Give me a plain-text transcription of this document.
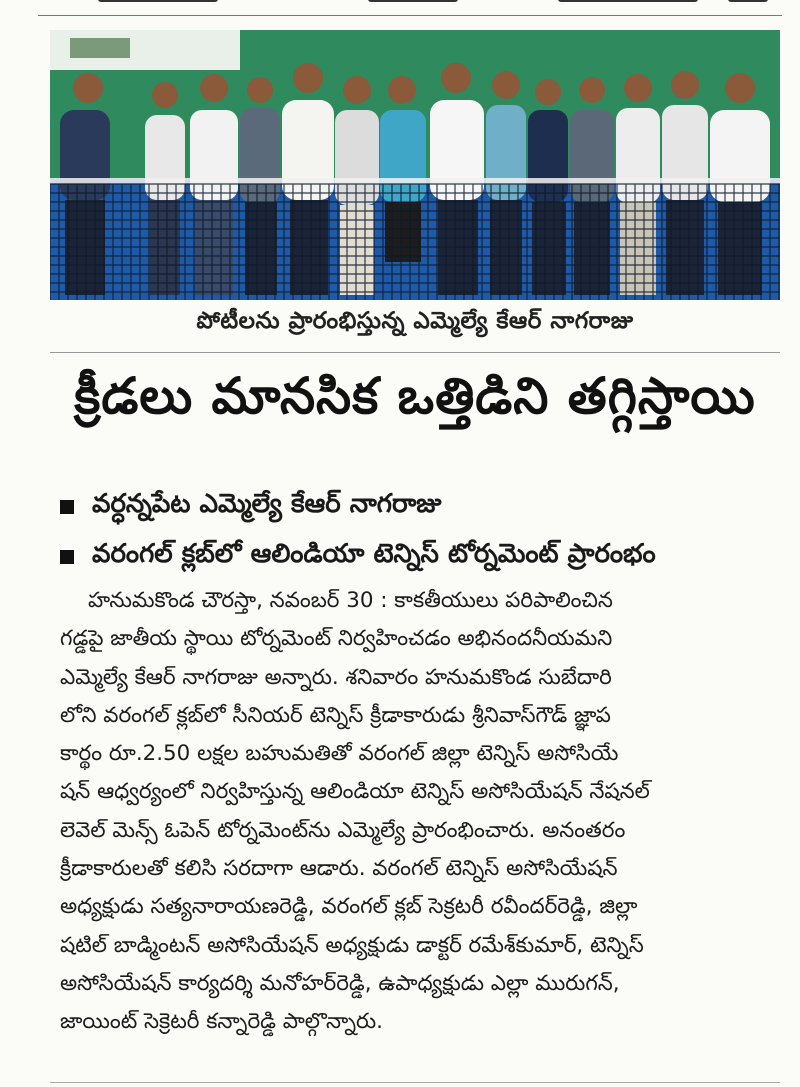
పోటీలను ప్రారంభిస్తున్న ఎమ్మెల్యే కేఆర్ నాగరాజు
క్రీడలు మానసిక ఒత్తిడిని తగ్గిస్తాయి
వర్ధన్నపేట ఎమ్మెల్యే కేఆర్ నాగరాజు
వరంగల్ క్లబ్‌లో ఆలిండియా టెన్నిస్ టోర్నమెంట్ ప్రారంభం
హనుమకొండ చౌరస్తా, నవంబర్ 30 : కాకతీయులు పరిపాలించిన
గడ్డపై జాతీయ స్థాయి టోర్నమెంట్ నిర్వహించడం అభినందనీయమని
ఎమ్మెల్యే కేఆర్ నాగరాజు అన్నారు. శనివారం హనుమకొండ సుబేదారి
లోని వరంగల్ క్లబ్‌లో సీనియర్ టెన్నిస్ క్రీడాకారుడు శ్రీనివాస్‌గౌడ్ జ్ఞాప
కార్థం రూ.2.50 లక్షల బహుమతితో వరంగల్ జిల్లా టెన్నిస్ అసోసియే
షన్ ఆధ్వర్యంలో నిర్వహిస్తున్న ఆలిండియా టెన్నిస్ అసోసియేషన్ నేషనల్
లెవెల్ మెన్స్ ఓపెన్ టోర్నమెంట్‌ను ఎమ్మెల్యే ప్రారంభించారు. అనంతరం
క్రీడాకారులతో కలిసి సరదాగా ఆడారు. వరంగల్ టెన్నిస్ అసోసియేషన్
అధ్యక్షుడు సత్యనారాయణరెడ్డి, వరంగల్ క్లబ్ సెక్రటరీ రవీందర్‌రెడ్డి, జిల్లా
షటిల్ బాడ్మింటన్ అసోసియేషన్ అధ్యక్షుడు డాక్టర్ రమేశ్‌కుమార్, టెన్నిస్
అసోసియేషన్ కార్యదర్శి మనోహర్‌రెడ్డి, ఉపాధ్యక్షుడు ఎల్లా మురుగన్,
జాయింట్ సెక్రెటరీ కన్నారెడ్డి పాల్గొన్నారు.
